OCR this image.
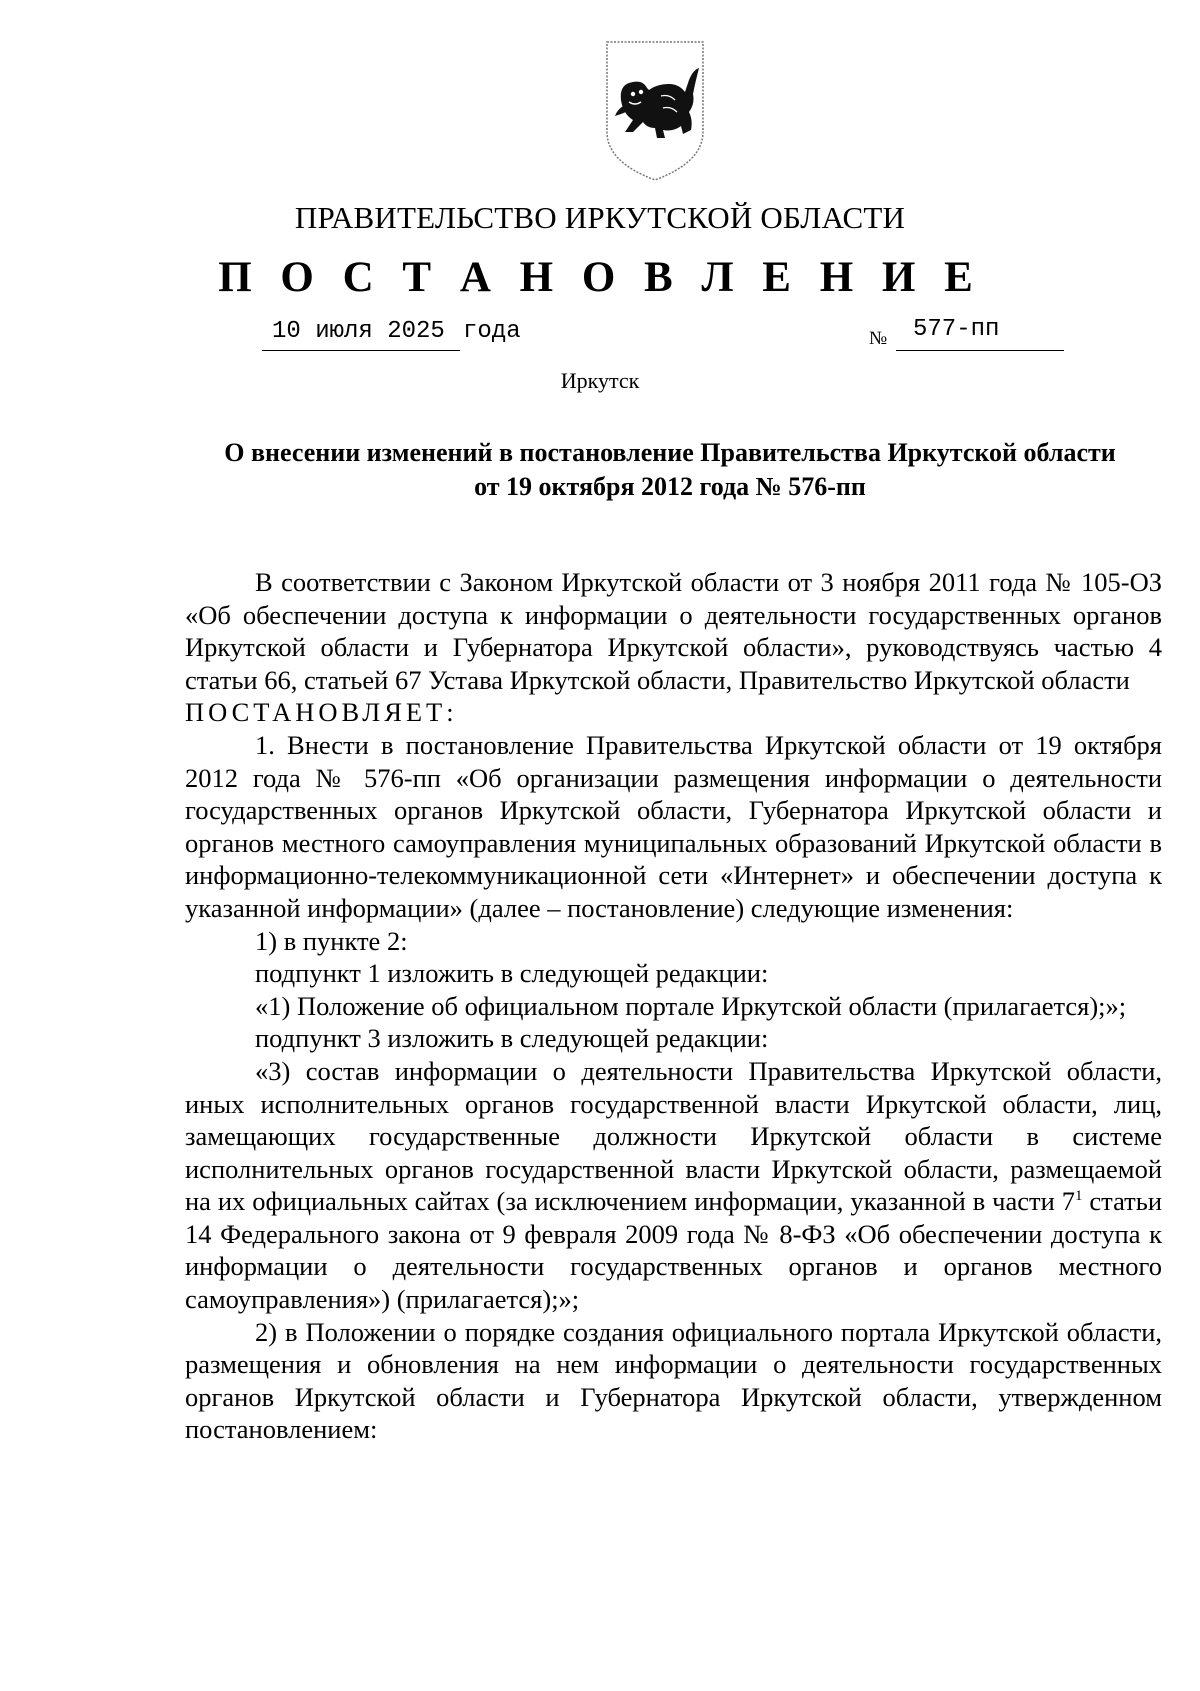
ПРАВИТЕЛЬСТВО ИРКУТСКОЙ ОБЛАСТИ
П О С Т А Н О В Л Е Н И Е
10 июля 2025 года	№ 577-пп
Иркутск
О внесении изменений в постановление Правительства Иркутской области
от 19 октября 2012 года № 576-пп

В соответствии с Законом Иркутской области от 3 ноября 2011 года № 105-ОЗ «Об обеспечении доступа к информации о деятельности государственных органов Иркутской области и Губернатора Иркутской области», руководствуясь частью 4 статьи 66, статьей 67 Устава Иркутской области, Правительство Иркутской области

ПОСТАНОВЛЯЕТ:

1. Внести в постановление Правительства Иркутской области от 19 октября 2012 года № 576-пп «Об организации размещения информации о деятельности государственных органов Иркутской области, Губернатора Иркутской области и органов местного самоуправления муниципальных образований Иркутской области в информационно-телекоммуникационной сети «Интернет» и обеспечении доступа к указанной информации» (далее – постановление) следующие изменения:

1) в пункте 2:

подпункт 1 изложить в следующей редакции:

«1) Положение об официальном портале Иркутской области (прилагается);»;

подпункт 3 изложить в следующей редакции:

«3) состав информации о деятельности Правительства Иркутской области, иных исполнительных органов государственной власти Иркутской области, лиц, замещающих государственные должности Иркутской области в системе исполнительных органов государственной власти Иркутской области, размещаемой на их официальных сайтах (за исключением информации, указанной в части $7^1$ статьи 14 Федерального закона от 9 февраля 2009 года № 8-ФЗ «Об обеспечении доступа к информации о деятельности государственных органов и органов местного самоуправления») (прилагается);»;

2) в Положении о порядке создания официального портала Иркутской области, размещения и обновления на нем информации о деятельности государственных органов Иркутской области и Губернатора Иркутской области, утвержденном постановлением:
